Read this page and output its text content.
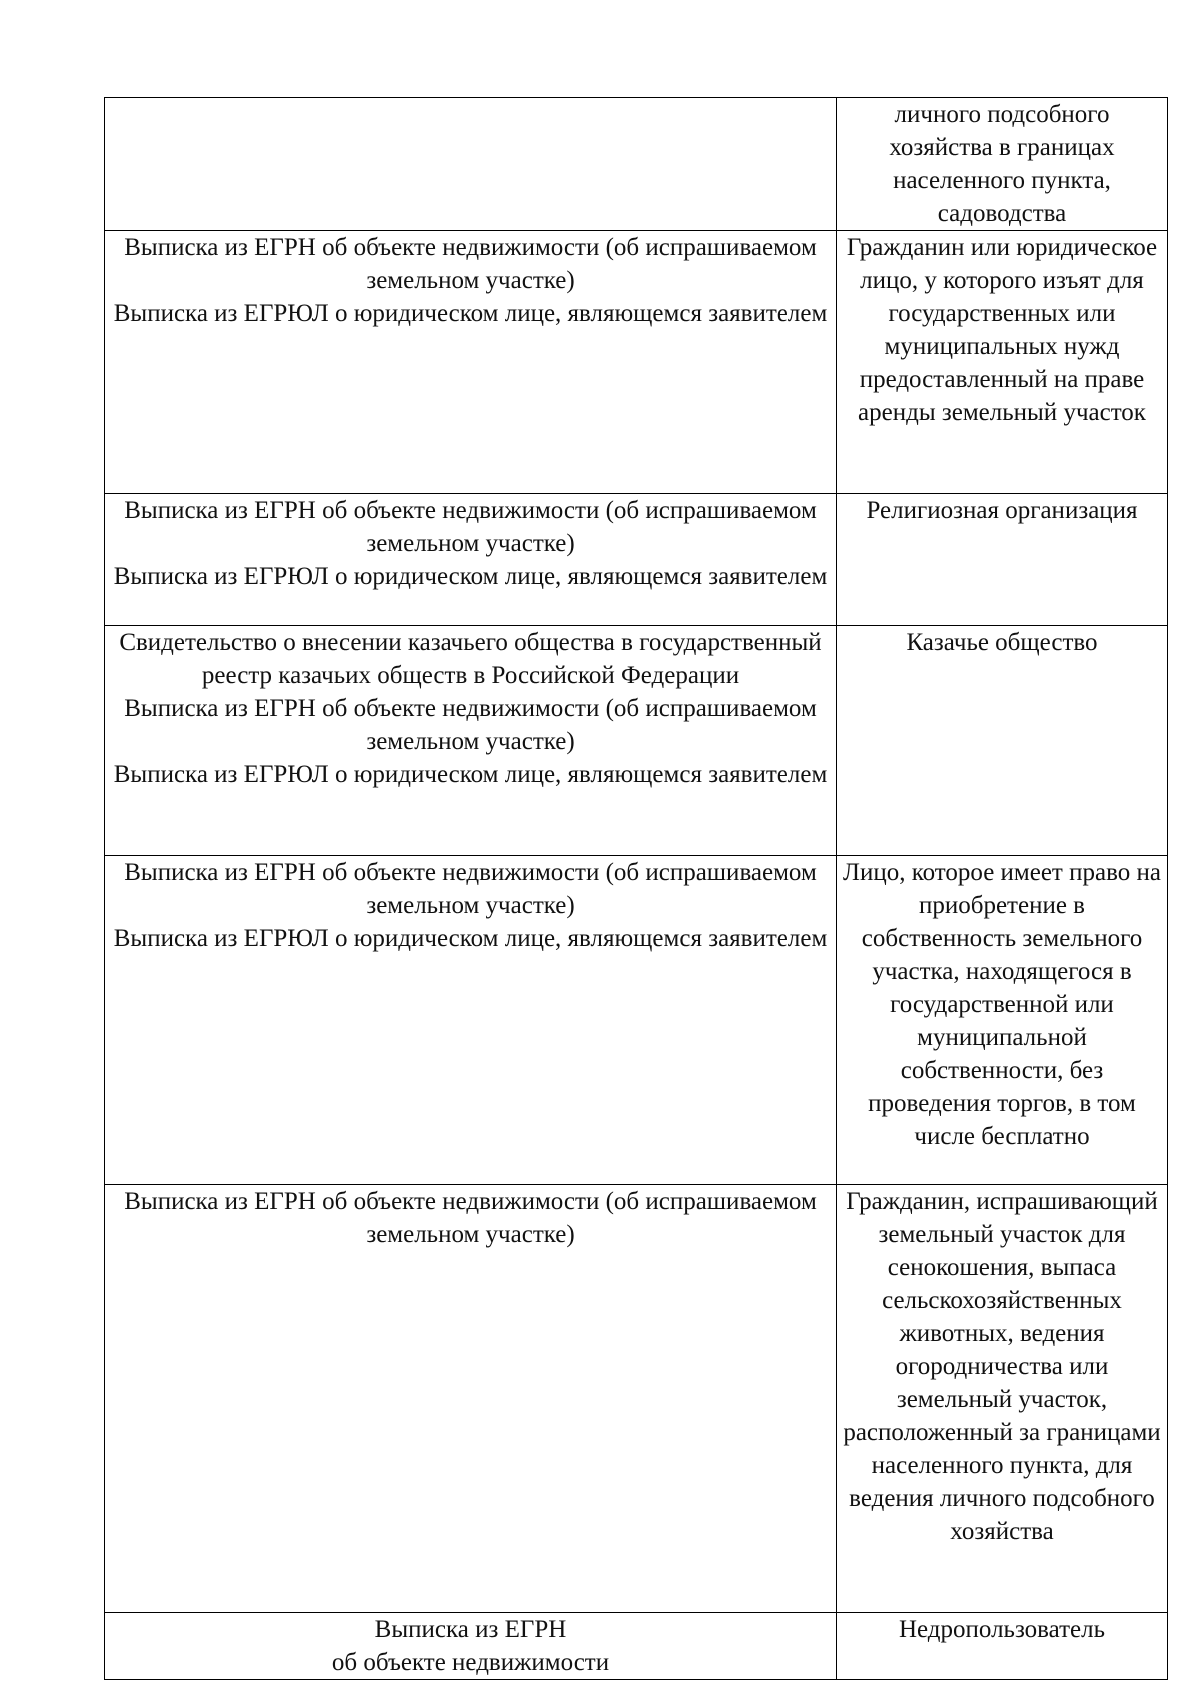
	личного подсобного хозяйства в границах населенного пункта, садоводства

Выписка из ЕГРН об объекте недвижимости (об испрашиваемом земельном участке)
Выписка из ЕГРЮЛ о юридическом лице, являющемся заявителем	Гражданин или юридическое лицо, у которого изъят для государственных или муниципальных нужд предоставленный на праве аренды земельный участок

Выписка из ЕГРН об объекте недвижимости (об испрашиваемом земельном участке)
Выписка из ЕГРЮЛ о юридическом лице, являющемся заявителем	Религиозная организация

Свидетельство о внесении казачьего общества в государственный реестр казачьих обществ в Российской Федерации
Выписка из ЕГРН об объекте недвижимости (об испрашиваемом земельном участке)
Выписка из ЕГРЮЛ о юридическом лице, являющемся заявителем	Казачье общество

Выписка из ЕГРН об объекте недвижимости (об испрашиваемом земельном участке)
Выписка из ЕГРЮЛ о юридическом лице, являющемся заявителем	Лицо, которое имеет право на приобретение в собственность земельного участка, находящегося в государственной или муниципальной собственности, без проведения торгов, в том числе бесплатно

Выписка из ЕГРН об объекте недвижимости (об испрашиваемом земельном участке)	Гражданин, испрашивающий земельный участок для сенокошения, выпаса сельскохозяйственных животных, ведения огородничества или земельный участок, расположенный за границами населенного пункта, для ведения личного подсобного хозяйства

Выписка из ЕГРН
об объекте недвижимости	Недропользователь
